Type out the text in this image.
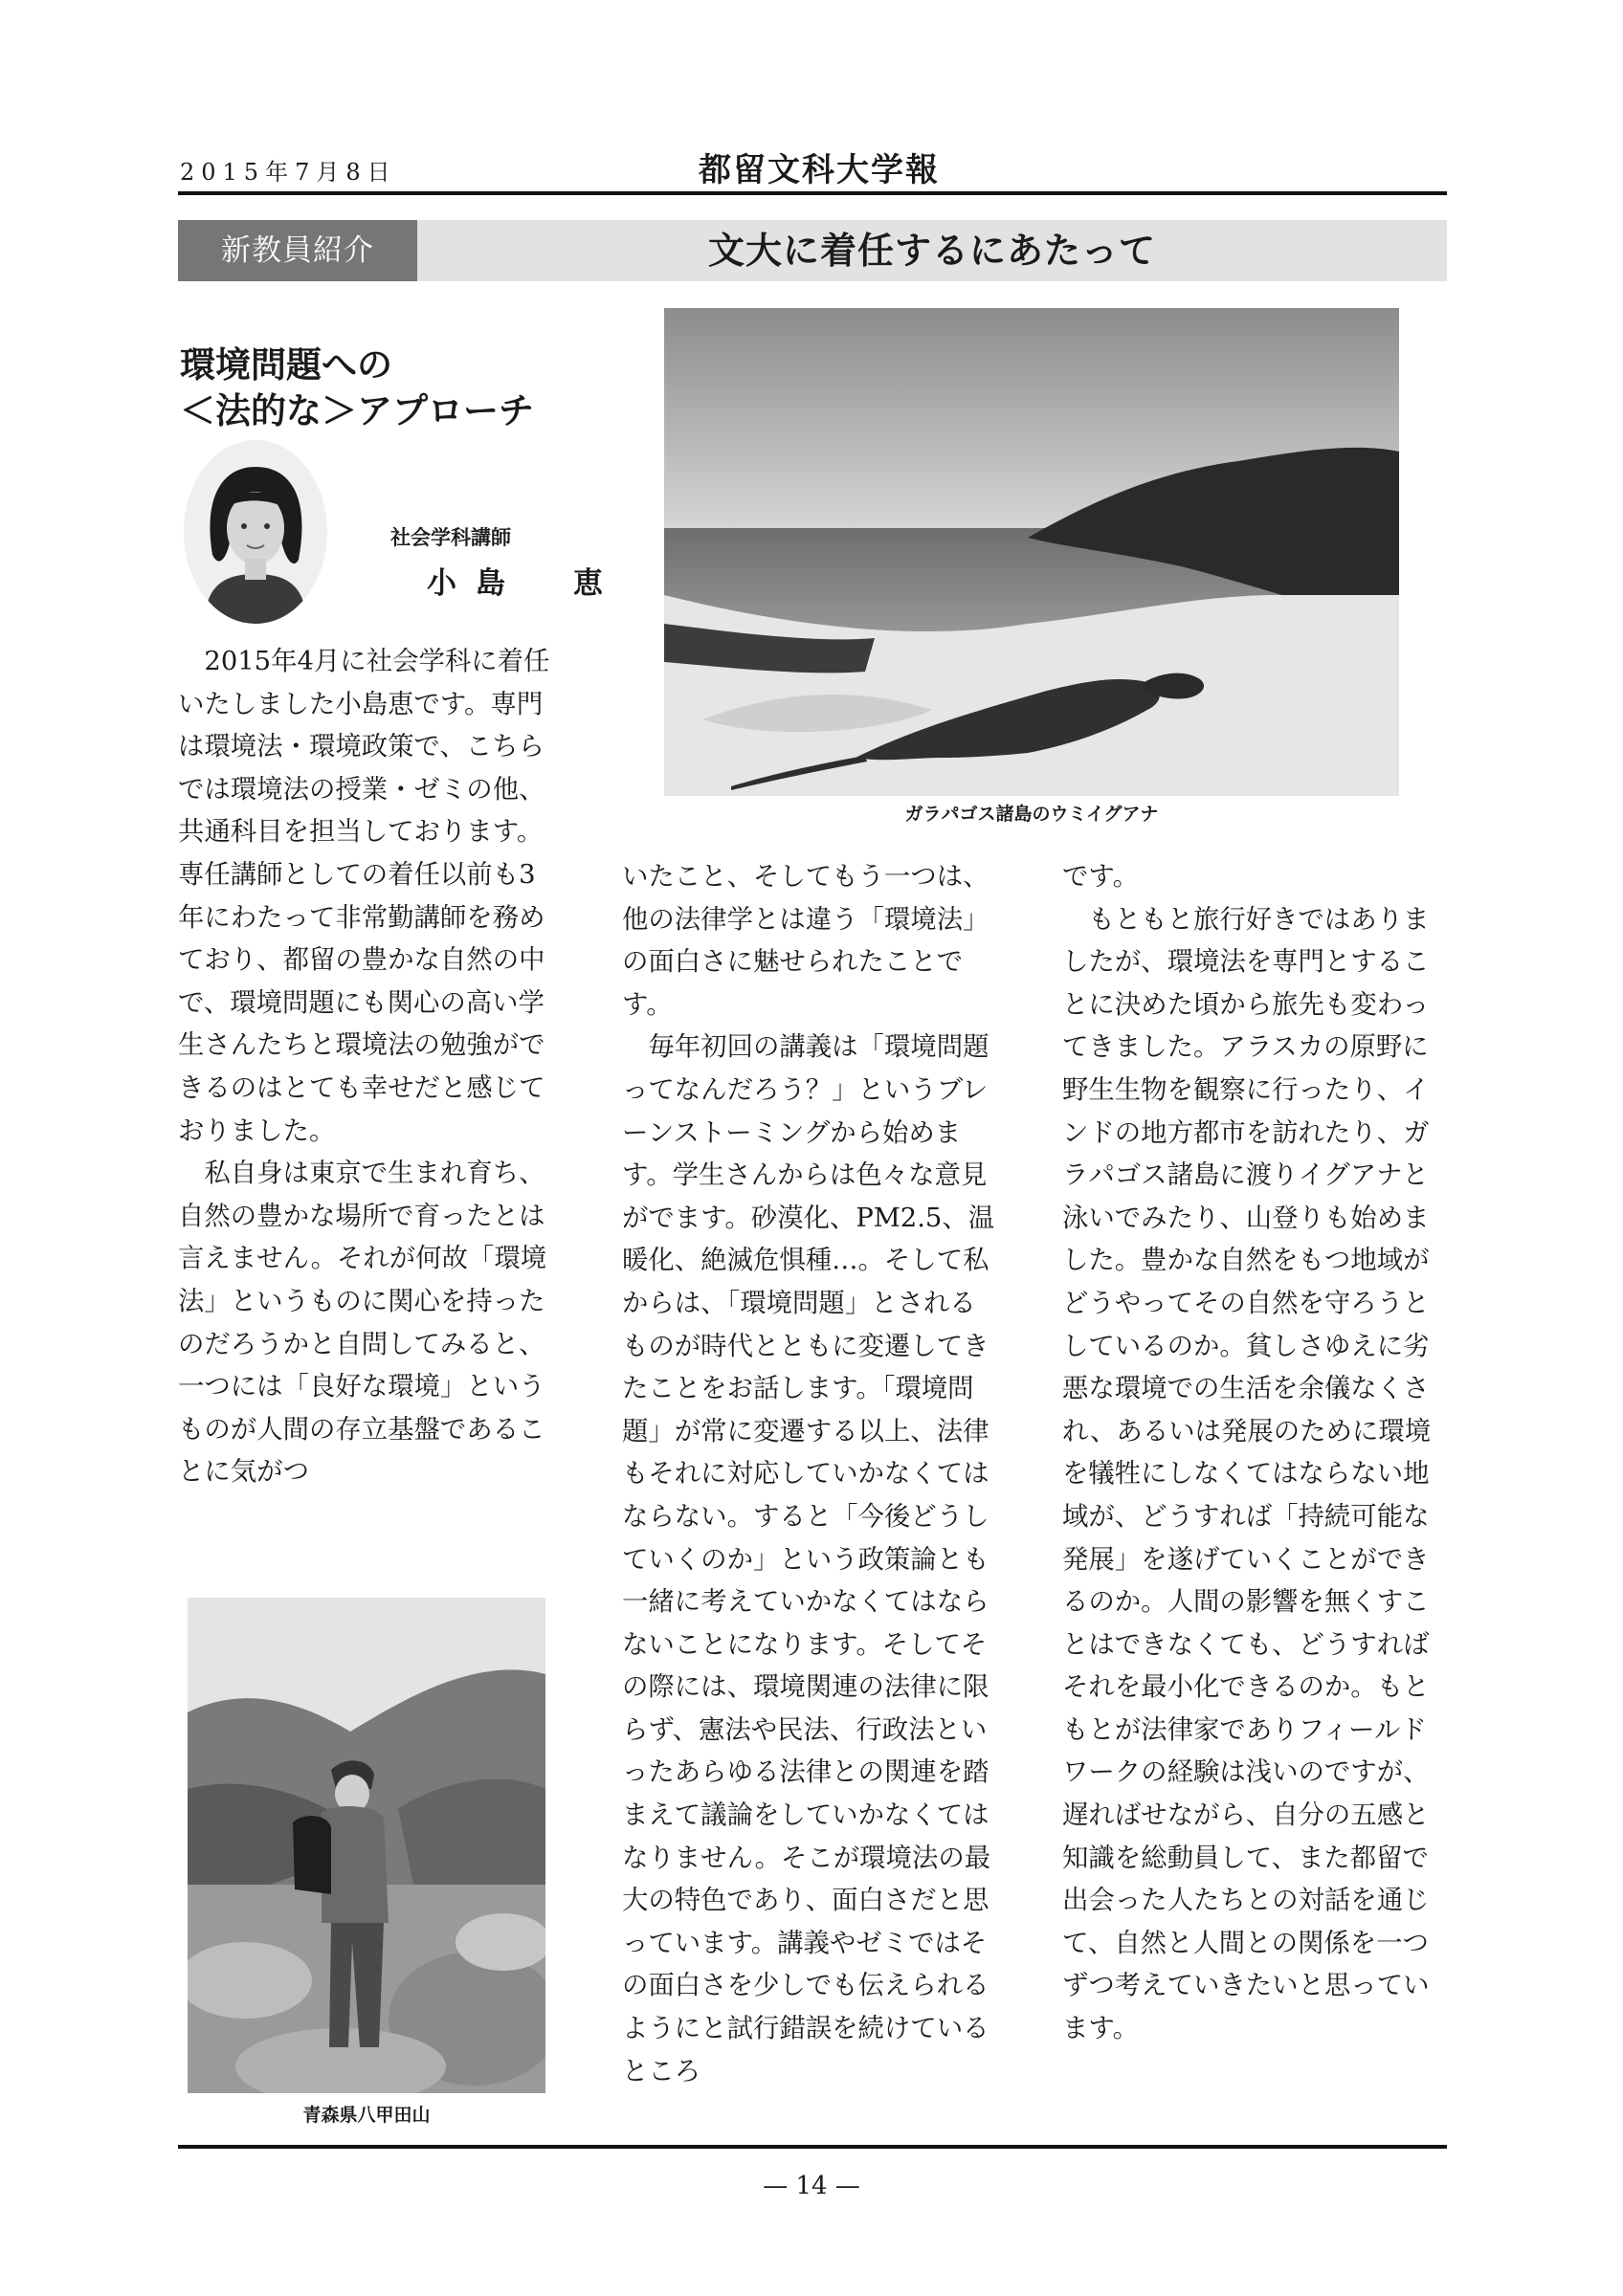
2015年7月8日	都留文科大学報
新教員紹介	文大に着任するにあたって
環境問題への
＜法的な＞アプローチ
社会学科講師
小島　恵

2015年4月に社会学科に着任いたしました小島恵です。専門は環境法・環境政策で、こちらでは環境法の授業・ゼミの他、共通科目を担当しております。専任講師としての着任以前も3年にわたって非常勤講師を務めており、都留の豊かな自然の中で、環境問題にも関心の高い学生さんたちと環境法の勉強ができるのはとても幸せだと感じておりました。

私自身は東京で生まれ育ち、自然の豊かな場所で育ったとは言えません。それが何故「環境法」というものに関心を持ったのだろうかと自問してみると、一つには「良好な環境」というものが人間の存立基盤であることに気がつ

ガラパゴス諸島のウミイグアナ
青森県八甲田山

いたこと、そしてもう一つは、他の法律学とは違う「環境法」の面白さに魅せられたことです。

毎年初回の講義は「環境問題ってなんだろう？」というブレーンストーミングから始めます。学生さんからは色々な意見がでます。砂漠化、PM2.5、温暖化、絶滅危惧種…。そして私からは、「環境問題」とされるものが時代とともに変遷してきたことをお話します。「環境問題」が常に変遷する以上、法律もそれに対応していかなくてはならない。すると「今後どうしていくのか」という政策論とも一緒に考えていかなくてはならないことになります。そしてその際には、環境関連の法律に限らず、憲法や民法、行政法といったあらゆる法律との関連を踏まえて議論をしていかなくてはなりません。そこが環境法の最大の特色であり、面白さだと思っています。講義やゼミではその面白さを少しでも伝えられるようにと試行錯誤を続けているところ

です。

もともと旅行好きではありましたが、環境法を専門とすることに決めた頃から旅先も変わってきました。アラスカの原野に野生生物を観察に行ったり、インドの地方都市を訪れたり、ガラパゴス諸島に渡りイグアナと泳いでみたり、山登りも始めました。豊かな自然をもつ地域がどうやってその自然を守ろうとしているのか。貧しさゆえに劣悪な環境での生活を余儀なくされ、あるいは発展のために環境を犠牲にしなくてはならない地域が、どうすれば「持続可能な発展」を遂げていくことができるのか。人間の影響を無くすことはできなくても、どうすればそれを最小化できるのか。もともとが法律家でありフィールドワークの経験は浅いのですが、遅ればせながら、自分の五感と知識を総動員して、また都留で出会った人たちとの対話を通じて、自然と人間との関係を一つずつ考えていきたいと思っています。

— 14 —
